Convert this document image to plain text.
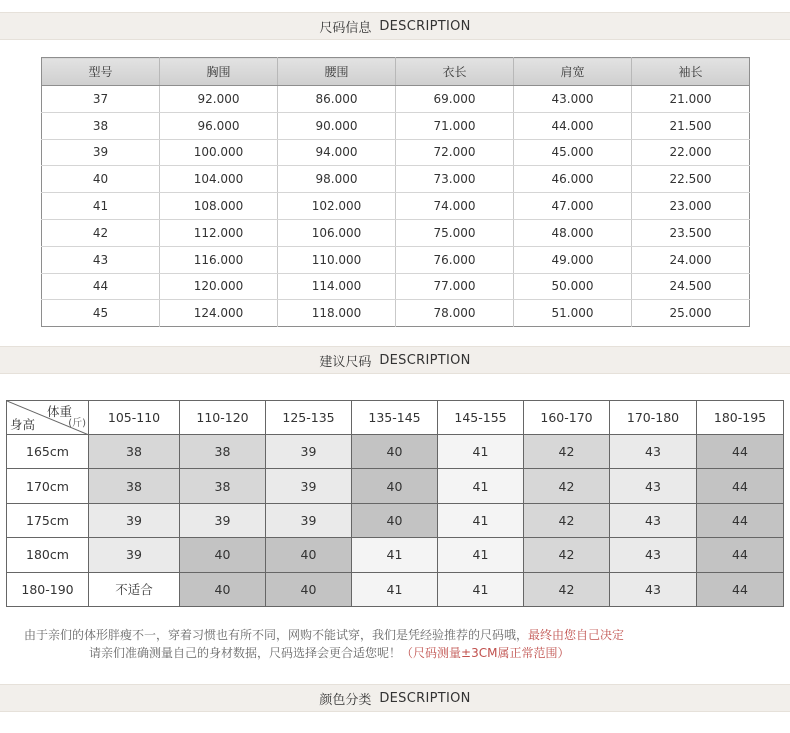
尺码信息 DESCRIPTION
型号	胸围	腰围	衣长	肩宽	袖长
37	92.000	86.000	69.000	43.000	21.000
38	96.000	90.000	71.000	44.000	21.500
39	100.000	94.000	72.000	45.000	22.000
40	104.000	98.000	73.000	46.000	22.500
41	108.000	102.000	74.000	47.000	23.000
42	112.000	106.000	75.000	48.000	23.500
43	116.000	110.000	76.000	49.000	24.000
44	120.000	114.000	77.000	50.000	24.500
45	124.000	118.000	78.000	51.000	25.000
建议尺码 DESCRIPTION
体重
(斤)
身高	105-110	110-120	125-135	135-145	145-155	160-170	170-180	180-195
165cm	38	38	39	40	41	42	43	44
170cm	38	38	39	40	41	42	43	44
175cm	39	39	39	40	41	42	43	44
180cm	39	40	40	41	41	42	43	44
180-190	不适合	40	40	41	41	42	43	44
由于亲们的体形胖瘦不一，穿着习惯也有所不同，网购不能试穿，我们是凭经验推荐的尺码哦，最终由您自己决定
请亲们准确测量自己的身材数据，尺码选择会更合适您呢！（尺码测量±3CM属正常范围）
颜色分类 DESCRIPTION
